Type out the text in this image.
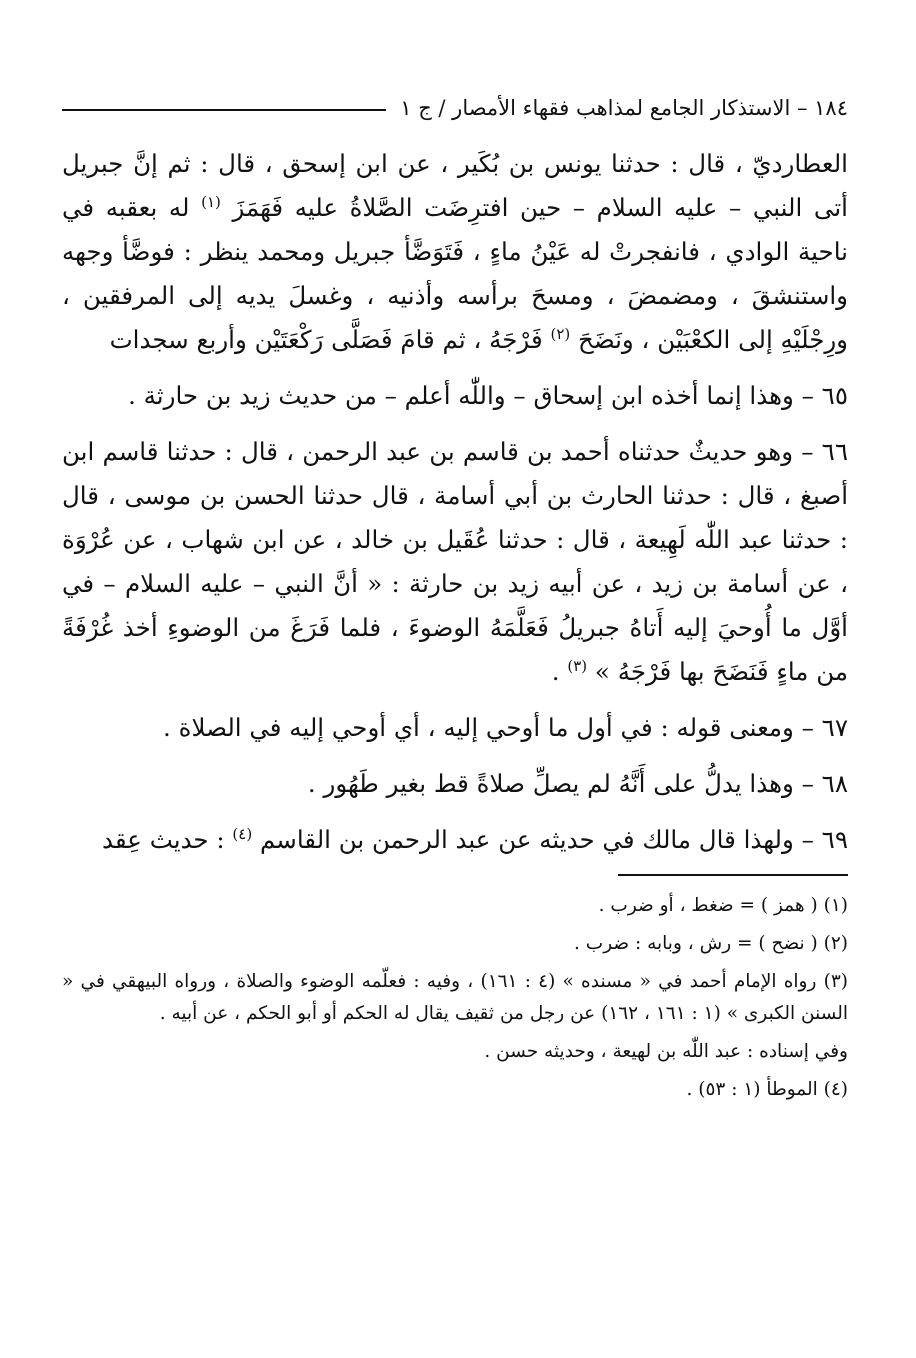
١٨٤ – الاستذكار الجامع لمذاهب فقهاء الأمصار / ج ١

العطارديّ ، قال : حدثنا يونس بن بُكَير ، عن ابن إسحق ، قال : ثم إنَّ جبريل أتى النبي – عليه السلام – حين افترِضَت الصَّلاةُ عليه فَهَمَزَ $^{(١)}$ له بعقبه في ناحية الوادي ، فانفجرتْ له عَيْنُ ماءٍ ، فَتَوَضَّأ جبريل ومحمد ينظر : فوضَّأ وجهه واستنشقَ ، ومضمضَ ، ومسحَ برأسه وأذنيه ، وغسلَ يديه إلى المرفقين ، ورِجْلَيْهِ إلى الكعْبَيْن ، ونَضَحَ $^{(٢)}$ فَرْجَهُ ، ثم قامَ فَصَلَّى رَكْعَتَيْن وأربع سجدات

٦٥ – وهذا إنما أخذه ابن إسحاق – واللّٰه أعلم – من حديث زيد بن حارثة .

٦٦ – وهو حديثٌ حدثناه أحمد بن قاسم بن عبد الرحمن ، قال : حدثنا قاسم ابن أصبغ ، قال : حدثنا الحارث بن أبي أسامة ، قال حدثنا الحسن بن موسى ، قال : حدثنا عبد اللّٰه لَهِيعة ، قال : حدثنا عُقَيل بن خالد ، عن ابن شهاب ، عن عُرْوَة ، عن أسامة بن زيد ، عن أبيه زيد بن حارثة : « أنَّ النبي – عليه السلام – في أوَّل ما أُوحيَ إليه أَتاهُ جبريلُ فَعَلَّمَهُ الوضوءَ ، فلما فَرَغَ من الوضوءِ أخذ غُرْفَةً من ماءٍ فَنَضَحَ بها فَرْجَهُ » $^{(٣)}$ .

٦٧ – ومعنى قوله : في أول ما أوحي إليه ، أي أوحي إليه في الصلاة .

٦٨ – وهذا يدلُّ على أَنَّهُ لم يصلِّ صلاةً قط بغير طَهُور .

٦٩ – ولهذا قال مالك في حديثه عن عبد الرحمن بن القاسم $^{(٤)}$ : حديث عِقد

(١) ( همز ) = ضغط ، أو ضرب .

(٢) ( نضح ) = رش ، وبابه : ضرب .

(٣) رواه الإمام أحمد في « مسنده » (٤ : ١٦١) ، وفيه : فعلّمه الوضوء والصلاة ، ورواه البيهقي في « السنن الكبرى » (١ : ١٦١ ، ١٦٢) عن رجل من ثقيف يقال له الحكم أو أبو الحكم ، عن أبيه .

وفي إسناده : عبد اللّٰه بن لهيعة ، وحديثه حسن .

(٤) الموطأ (١ : ٥٣) .
